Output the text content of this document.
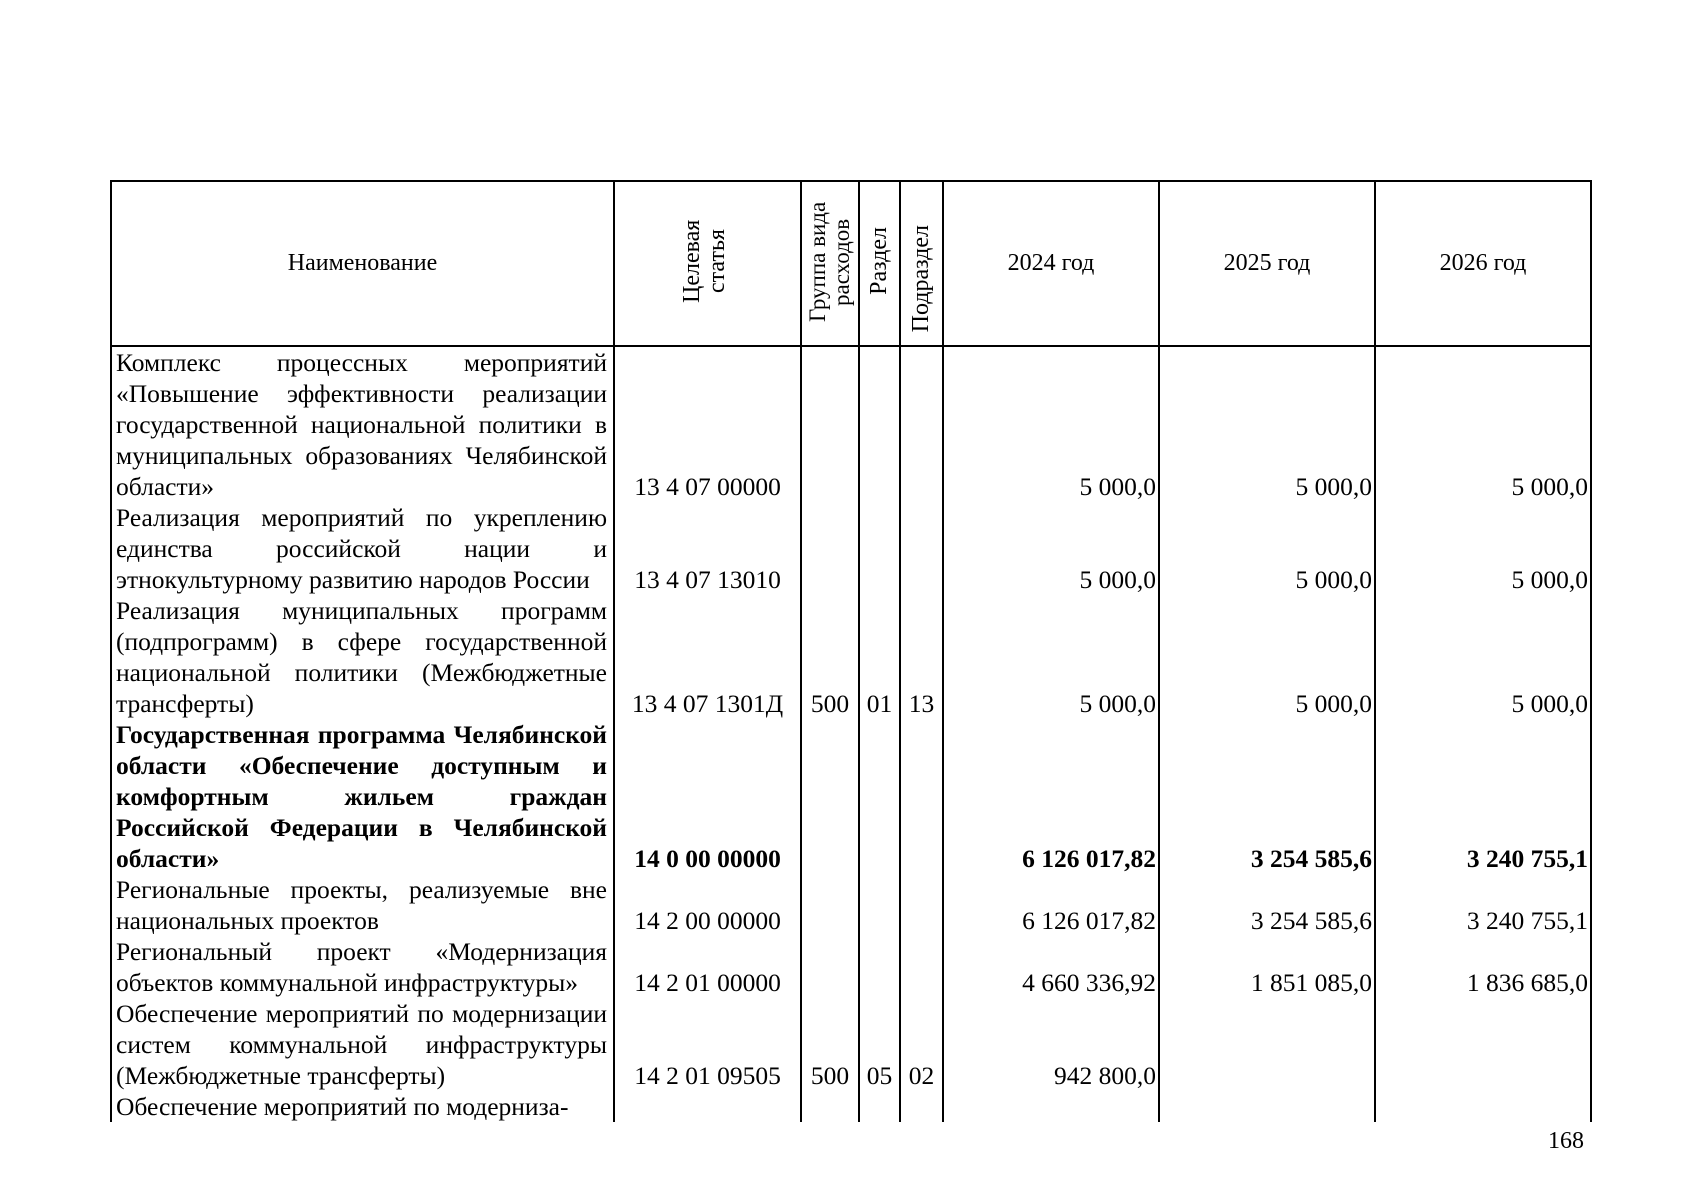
Наименование	Целевая статья	Группа вида расходов	Раздел	Подраздел	2024 год	2025 год	2026 год
Комплекс процессных мероприятий «Повышение эффективности реализации государственной национальной политики в муниципальных образованиях Челябинской области»	13 4 07 00000				5 000,0	5 000,0	5 000,0
Реализация мероприятий по укреплению единства российской нации и этнокультурному развитию народов России	13 4 07 13010				5 000,0	5 000,0	5 000,0
Реализация муниципальных программ (подпрограмм) в сфере государственной национальной политики (Межбюджетные трансферты)	13 4 07 1301Д	500	01	13	5 000,0	5 000,0	5 000,0
Государственная программа Челябинской области «Обеспечение доступным и комфортным жильем граждан Российской Федерации в Челябинской области»	14 0 00 00000				6 126 017,82	3 254 585,6	3 240 755,1
Региональные проекты, реализуемые вне национальных проектов	14 2 00 00000				6 126 017,82	3 254 585,6	3 240 755,1
Региональный проект «Модернизация объектов коммунальной инфраструктуры»	14 2 01 00000				4 660 336,92	1 851 085,0	1 836 685,0
Обеспечение мероприятий по модернизации систем коммунальной инфраструктуры (Межбюджетные трансферты)	14 2 01 09505	500	05	02	942 800,0		
Обеспечение мероприятий по модерниза-							
168
